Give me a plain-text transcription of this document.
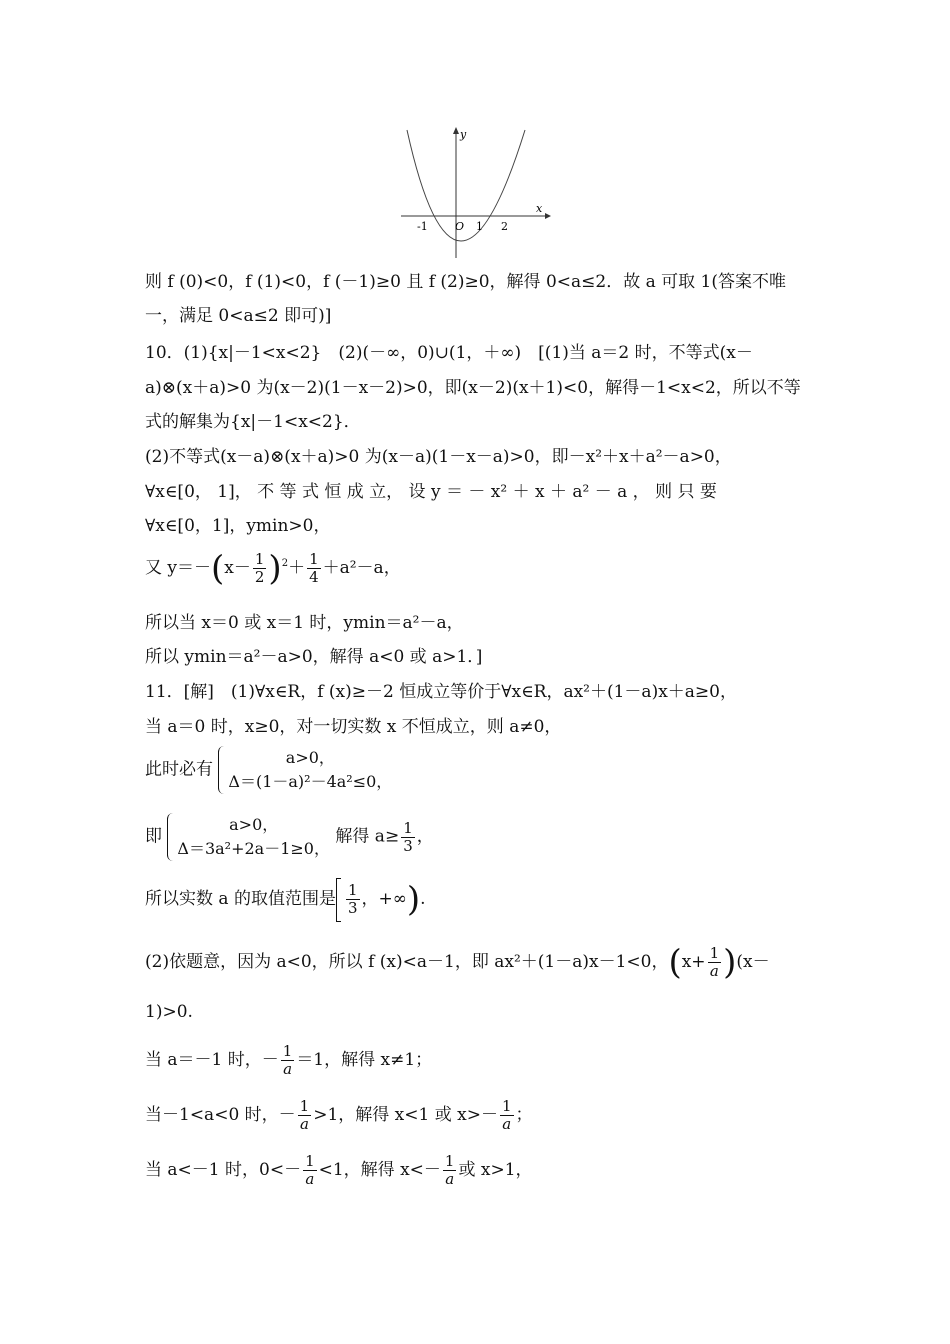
x
y
-1 O 1 2
则 f (0)<0，f (1)<0，f (－1)≥0 且 f (2)≥0，解得 0<a≤2．故 a 可取 1(答案不唯
一，满足 0<a≤2 即可)]
10．(1){x|－1<x<2}　(2)(－∞，0)∪(1，＋∞)　[(1)当 a＝2 时，不等式(x－
a)⊗(x＋a)>0 为(x－2)(1－x－2)>0，即(x－2)(x＋1)<0，解得－1<x<2，所以不等
式的解集为{x|－1<x<2}．
(2)不等式(x－a)⊗(x＋a)>0 为(x－a)(1－x－a)>0，即－x²＋x＋a²－a>0，
∀x∈[0， 1]， 不 等 式 恒 成 立， 设 y ＝ － x² ＋ x ＋ a² － a ， 则 只 要
∀x∈[0，1]，ymin>0，
又 $y=-(x- \frac{1}{2} )^2+ \frac{1}{4} +a^2-a$，
所以当 x＝0 或 x＝1 时，ymin＝a²－a，
所以 ymin＝a²－a>0，解得 a<0 或 a>1．]
11．[解]　(1)∀x∈R，f (x)≥－2 恒成立等价于∀x∈R，ax²＋(1－a)x＋a≥0，
当 a＝0 时，x≥0，对一切实数 x 不恒成立，则 a≠0，
此时必有
a>0，
Δ＝(1－a)²－4a²≤0，
即
a>0，
Δ＝3a²+2a－1≥0，
解得 $a\ge \frac{1}{3}$ ，
所以实数 a 的取值范围是 $\frac{1}{3}$ ，+∞).
(2)依题意，因为 a<0，所以 f (x)<a－1，即 ax²＋(1－a)x－1<0，$(x+ \frac{1}{a} )(x-$
1)>0.
当 a＝－1 时，－ $\frac{1}{a} =1$，解得 x≠1；
当－1<a<0 时，－ $\frac{1}{a} >1$，解得 x<1 或 $x>- \frac{1}{a}$ ；
当 a<－1 时，$0<- \frac{1}{a} <1$，解得 $x<- \frac{1}{a}$ 或 x>1，
